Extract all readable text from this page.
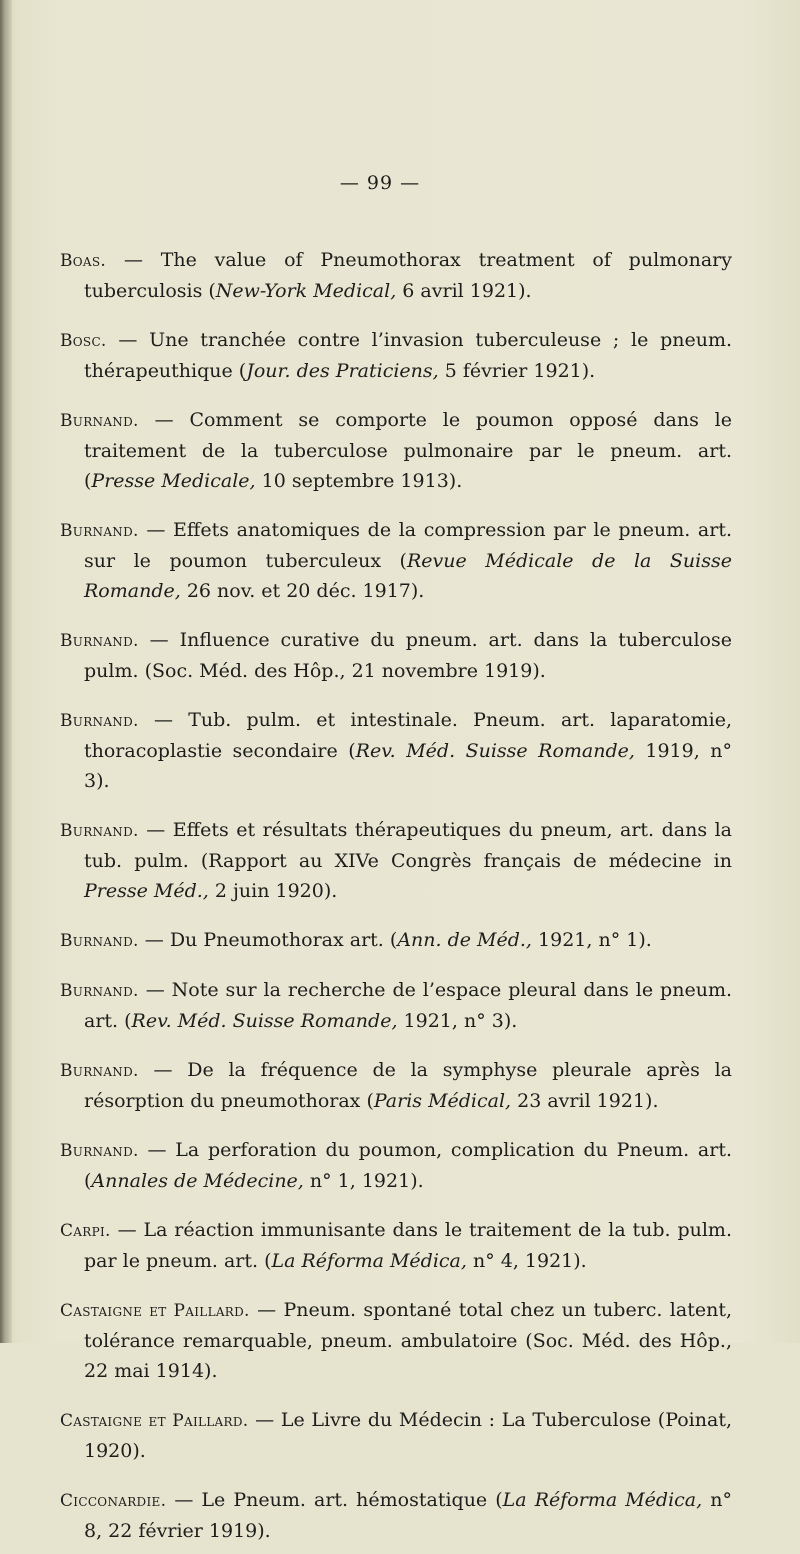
— 99 —

Boas. — The value of Pneumothorax treatment of pulmonary tuberculosis (New-York Medical, 6 avril 1921).

Bosc. — Une tranchée contre l’invasion tuberculeuse ; le pneum. thérapeuthique (Jour. des Praticiens, 5 février 1921).

Burnand. — Comment se comporte le poumon opposé dans le traitement de la tuberculose pulmonaire par le pneum. art. (Presse Medicale, 10 septembre 1913).

Burnand. — Effets anatomiques de la compression par le pneum. art. sur le poumon tuberculeux (Revue Médicale de la Suisse Romande, 26 nov. et 20 déc. 1917).

Burnand. — Influence curative du pneum. art. dans la tuberculose pulm. (Soc. Méd. des Hôp., 21 novembre 1919).

Burnand. — Tub. pulm. et intestinale. Pneum. art. laparatomie, thoracoplastie secondaire (Rev. Méd. Suisse Romande, 1919, n° 3).

Burnand. — Effets et résultats thérapeutiques du pneum, art. dans la tub. pulm. (Rapport au XIVe Congrès français de médecine in Presse Méd., 2 juin 1920).

Burnand. — Du Pneumothorax art. (Ann. de Méd., 1921, n° 1).

Burnand. — Note sur la recherche de l’espace pleural dans le pneum. art. (Rev. Méd. Suisse Romande, 1921, n° 3).

Burnand. — De la fréquence de la symphyse pleurale après la résorption du pneumothorax (Paris Médical, 23 avril 1921).

Burnand. — La perforation du poumon, complication du Pneum. art. (Annales de Médecine, n° 1, 1921).

Carpi. — La réaction immunisante dans le traitement de la tub. pulm. par le pneum. art. (La Réforma Médica, n° 4, 1921).

Castaigne et Paillard. — Pneum. spontané total chez un tuberc. latent, tolérance remarquable, pneum. ambulatoire (Soc. Méd. des Hôp., 22 mai 1914).

Castaigne et Paillard. — Le Livre du Médecin : La Tuberculose (Poinat, 1920).

Cicconardie. — Le Pneum. art. hémostatique (La Réforma Médica, n° 8, 22 février 1919).
